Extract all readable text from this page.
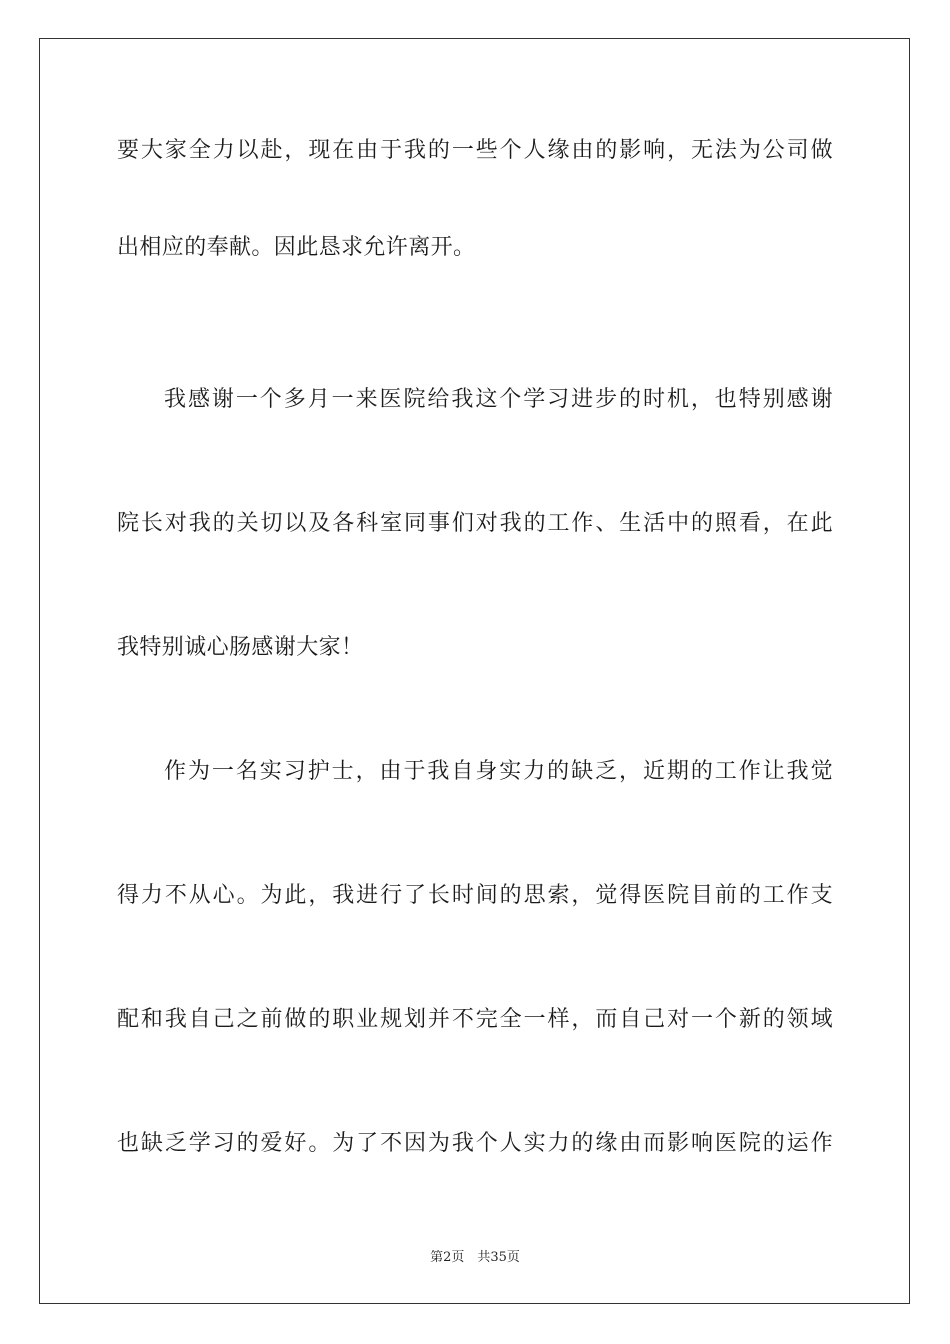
要大家全力以赴，现在由于我的一些个人缘由的影响，无法为公司做
出相应的奉献。因此恳求允许离开。
我感谢一个多月一来医院给我这个学习进步的时机，也特别感谢
院长对我的关切以及各科室同事们对我的工作、生活中的照看，在此
我特别诚心肠感谢大家！
作为一名实习护士，由于我自身实力的缺乏，近期的工作让我觉
得力不从心。为此，我进行了长时间的思索，觉得医院目前的工作支
配和我自己之前做的职业规划并不完全一样，而自己对一个新的领域
也缺乏学习的爱好。为了不因为我个人实力的缘由而影响医院的运作
第2页　共35页
